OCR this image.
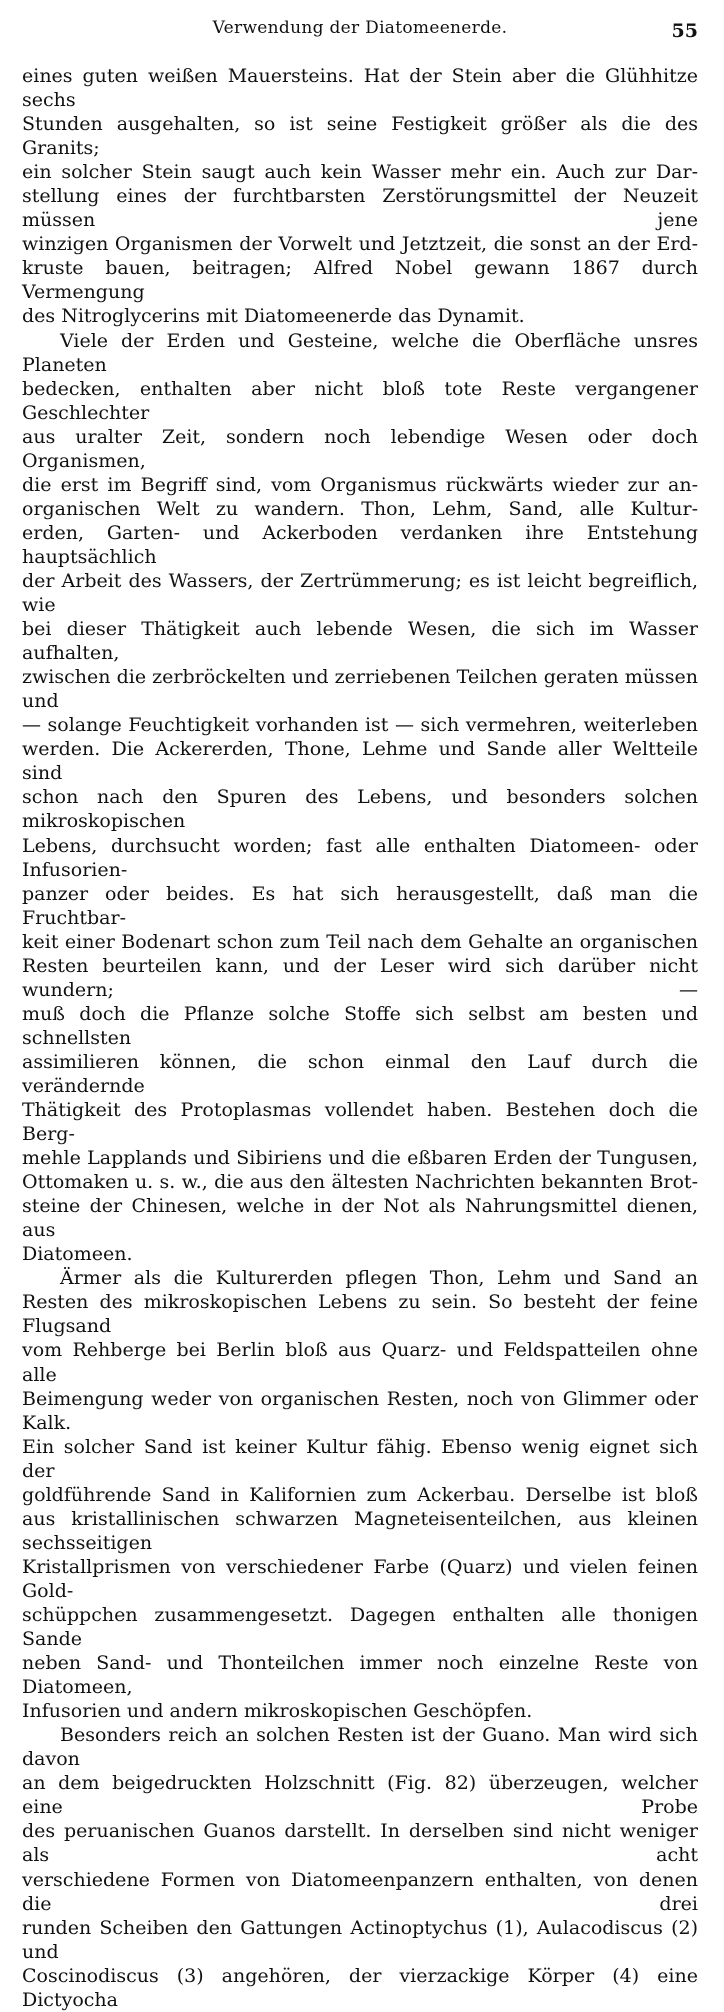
Verwendung der Diatomeenerde.	55

eines guten weißen Mauersteins. Hat der Stein aber die Glühhitze sechs
Stunden ausgehalten, so ist seine Festigkeit größer als die des Granits;
ein solcher Stein saugt auch kein Wasser mehr ein. Auch zur Dar-
stellung eines der furchtbarsten Zerstörungsmittel der Neuzeit müssen jene
winzigen Organismen der Vorwelt und Jetztzeit, die sonst an der Erd-
kruste bauen, beitragen; Alfred Nobel gewann 1867 durch Vermengung
des Nitroglycerins mit Diatomeenerde das Dynamit.

Viele der Erden und Gesteine, welche die Oberfläche unsres Planeten
bedecken, enthalten aber nicht bloß tote Reste vergangener Geschlechter
aus uralter Zeit, sondern noch lebendige Wesen oder doch Organismen,
die erst im Begriff sind, vom Organismus rückwärts wieder zur an-
organischen Welt zu wandern. Thon, Lehm, Sand, alle Kultur-
erden, Garten- und Ackerboden verdanken ihre Entstehung hauptsächlich
der Arbeit des Wassers, der Zertrümmerung; es ist leicht begreiflich, wie
bei dieser Thätigkeit auch lebende Wesen, die sich im Wasser aufhalten,
zwischen die zerbröckelten und zerriebenen Teilchen geraten müssen und
— solange Feuchtigkeit vorhanden ist — sich vermehren, weiterleben
werden. Die Ackererden, Thone, Lehme und Sande aller Weltteile sind
schon nach den Spuren des Lebens, und besonders solchen mikroskopischen
Lebens, durchsucht worden; fast alle enthalten Diatomeen- oder Infusorien-
panzer oder beides. Es hat sich herausgestellt, daß man die Fruchtbar-
keit einer Bodenart schon zum Teil nach dem Gehalte an organischen
Resten beurteilen kann, und der Leser wird sich darüber nicht wundern; —
muß doch die Pflanze solche Stoffe sich selbst am besten und schnellsten
assimilieren können, die schon einmal den Lauf durch die verändernde
Thätigkeit des Protoplasmas vollendet haben. Bestehen doch die Berg-
mehle Lapplands und Sibiriens und die eßbaren Erden der Tungusen,
Ottomaken u. s. w., die aus den ältesten Nachrichten bekannten Brot-
steine der Chinesen, welche in der Not als Nahrungsmittel dienen, aus
Diatomeen.

Ärmer als die Kulturerden pflegen Thon, Lehm und Sand an
Resten des mikroskopischen Lebens zu sein. So besteht der feine Flugsand
vom Rehberge bei Berlin bloß aus Quarz- und Feldspatteilen ohne alle
Beimengung weder von organischen Resten, noch von Glimmer oder Kalk.
Ein solcher Sand ist keiner Kultur fähig. Ebenso wenig eignet sich der
goldführende Sand in Kalifornien zum Ackerbau. Derselbe ist bloß
aus kristallinischen schwarzen Magneteisenteilchen, aus kleinen sechsseitigen
Kristallprismen von verschiedener Farbe (Quarz) und vielen feinen Gold-
schüppchen zusammengesetzt. Dagegen enthalten alle thonigen Sande
neben Sand- und Thonteilchen immer noch einzelne Reste von Diatomeen,
Infusorien und andern mikroskopischen Geschöpfen.

Besonders reich an solchen Resten ist der Guano. Man wird sich davon
an dem beigedruckten Holzschnitt (Fig. 82) überzeugen, welcher eine Probe
des peruanischen Guanos darstellt. In derselben sind nicht weniger als acht
verschiedene Formen von Diatomeenpanzern enthalten, von denen die drei
runden Scheiben den Gattungen Actinoptychus (1), Aulacodiscus (2) und
Coscinodiscus (3) angehören, der vierzackige Körper (4) eine Dictyocha
